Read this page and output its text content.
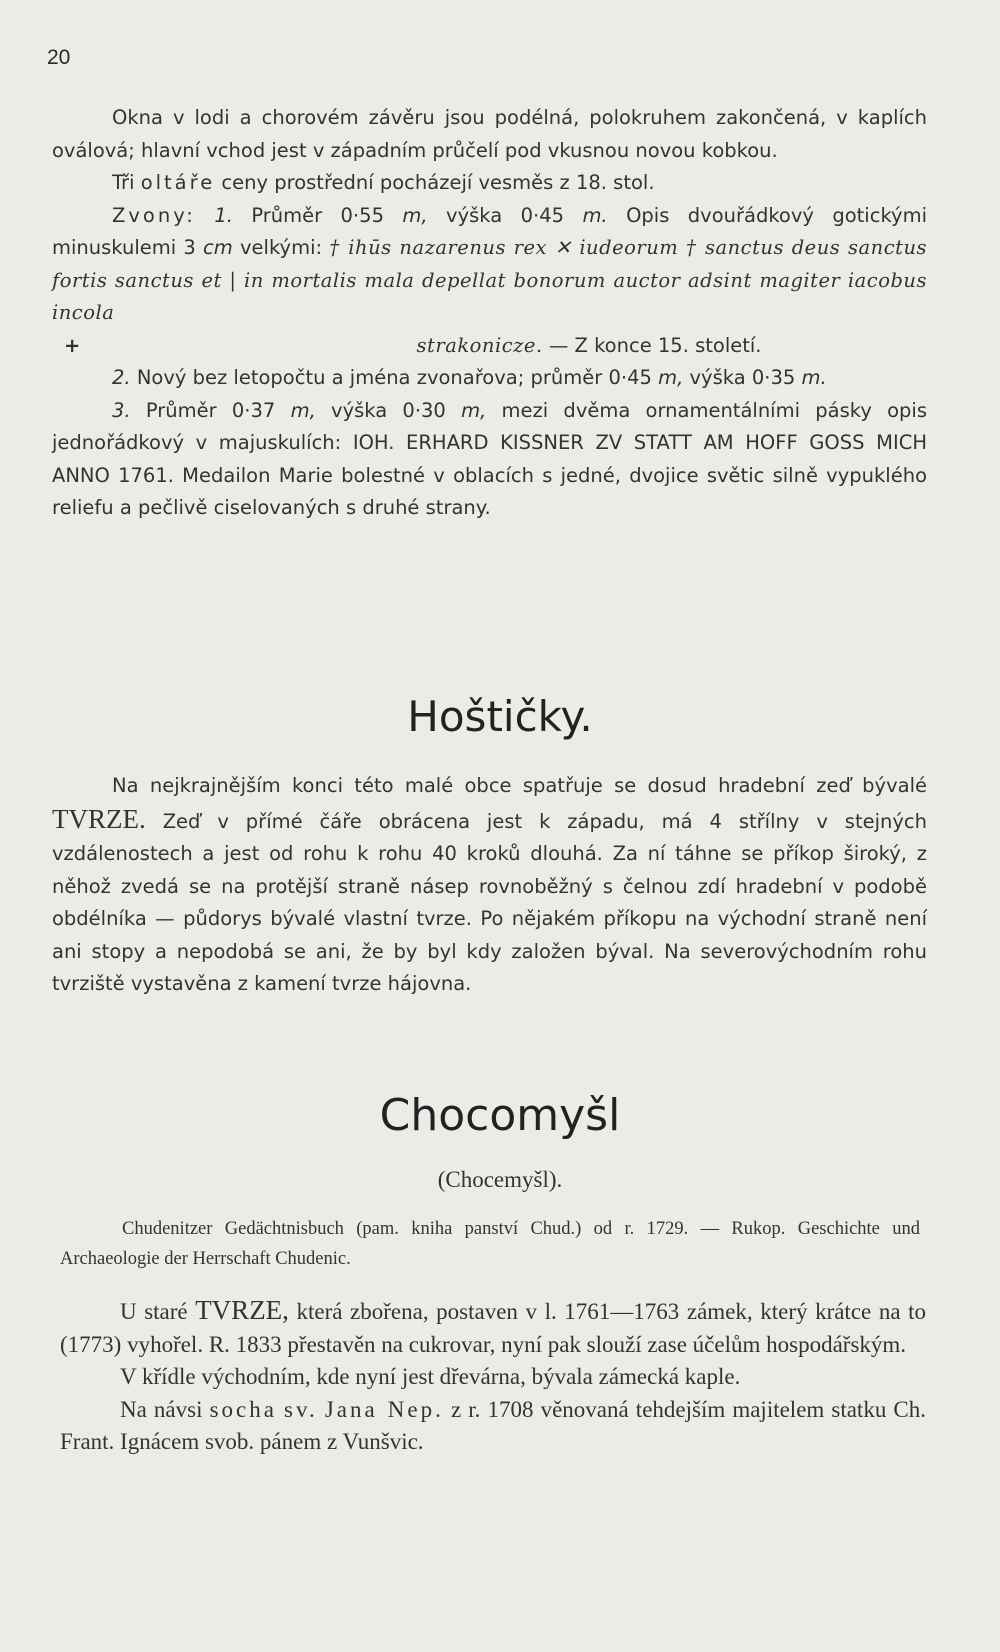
20

Okna v lodi a chorovém závěru jsou podélná, polokruhem zakončená, v kaplích oválová; hlavní vchod jest v západním průčelí pod vkusnou novou kobkou.

Tři oltáře ceny prostřední pocházejí vesměs z 18. stol.

Zvony: 1. Průměr 0·55 m, výška 0·45 m. Opis dvouřádkový gotickými minuskulemi 3 cm velkými: † ihūs nazarenus rex ✕ iudeorum † sanctus deus sanctus fortis sanctus et | in mortalis mala depellat bonorum auctor adsint magiter iacobus incola

+	strakonicze. — Z konce 15. století.

2. Nový bez letopočtu a jména zvonařova; průměr 0·45 m, výška 0·35 m.

3. Průměr 0·37 m, výška 0·30 m, mezi dvěma ornamentálními pásky opis jednořádkový v majuskulích: IOH. ERHARD KISSNER ZV STATT AM HOFF GOSS MICH ANNO 1761. Medailon Marie bolestné v oblacích s jedné, dvojice světic silně vypuklého reliefu a pečlivě ciselovaných s druhé strany.

Hoštičky.

Na nejkrajnějším konci této malé obce spatřuje se dosud hradební zeď bývalé TVRZE. Zeď v přímé čáře obrácena jest k západu, má 4 střílny v stejných vzdálenostech a jest od rohu k rohu 40 kroků dlouhá. Za ní táhne se příkop široký, z něhož zvedá se na protější straně násep rovnoběžný s čelnou zdí hradební v podobě obdélníka — půdorys bývalé vlastní tvrze. Po nějakém příkopu na východní straně není ani stopy a nepodobá se ani, že by byl kdy založen býval. Na severovýchodním rohu tvrziště vystavěna z kamení tvrze hájovna.

Chocomyšl
(Chocemyšl).

Chudenitzer Gedächtnisbuch (pam. kniha panství Chud.) od r. 1729. — Rukop. Geschichte und Archaeologie der Herrschaft Chudenic.

U staré TVRZE, která zbořena, postaven v l. 1761—1763 zámek, který krátce na to (1773) vyhořel. R. 1833 přestavěn na cukrovar, nyní pak slouží zase účelům hospodářským.

V křídle východním, kde nyní jest dřevárna, bývala zámecká kaple.

Na návsi socha sv. Jana Nep. z r. 1708 věnovaná tehdejším majitelem statku Ch. Frant. Ignácem svob. pánem z Vunšvic.
